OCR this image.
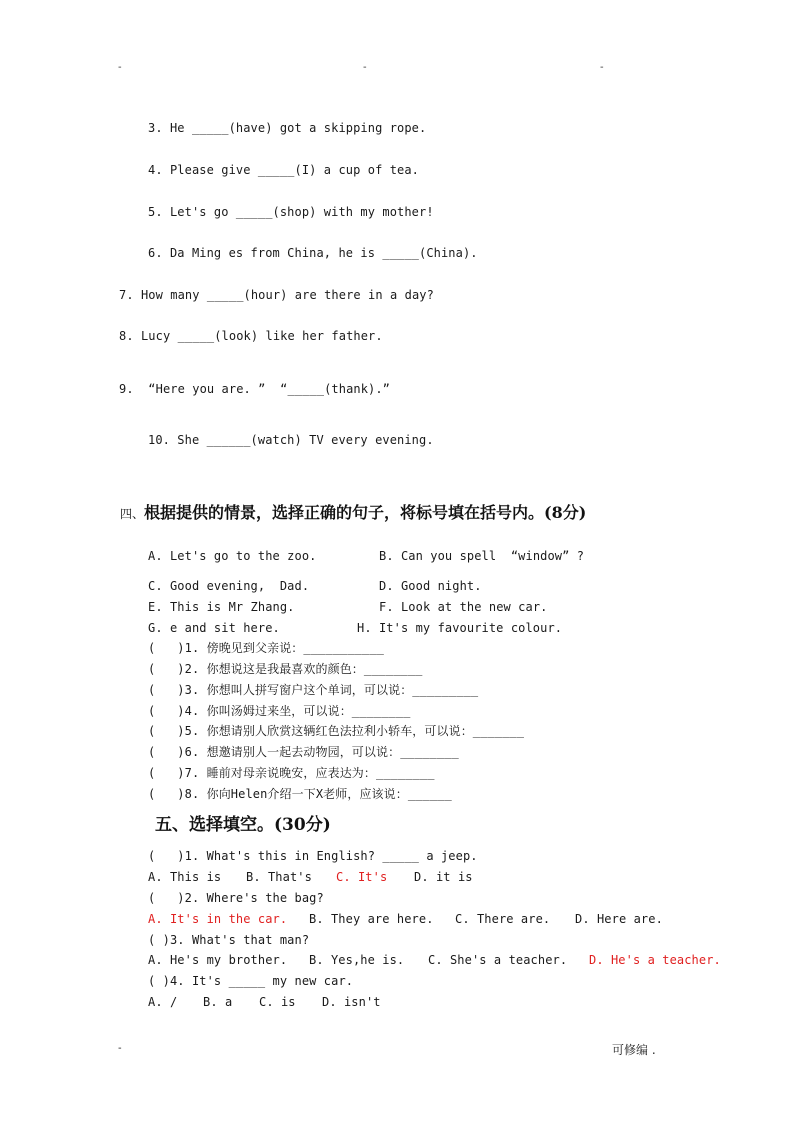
-	-	-
3. He _____(have) got a skipping rope.
4. Please give _____(I) a cup of tea.
5. Let's go _____(shop) with my mother!
6. Da Ming es from China, he is _____(China).
7. How many _____(hour) are there in a day?
8. Lucy _____(look) like her father.
9.  “Here you are. ”  “_____(thank).”
10. She ______(watch) TV every evening.
四、根据提供的情景，选择正确的句子，将标号填在括号内。(8分)
A. Let's go to the zoo.	B. Can you spell  “window” ?
C. Good evening,  Dad.	D. Good night.
E. This is Mr Zhang.	F. Look at the new car.
G. e and sit here.	H. It's my favourite colour.
(   )1. 傍晚见到父亲说：___________
(   )2. 你想说这是我最喜欢的颜色：________
(   )3. 你想叫人拼写窗户这个单词，可以说：_________
(   )4. 你叫汤姆过来坐，可以说：________
(   )5. 你想请别人欣赏这辆红色法拉利小轿车，可以说：_______
(   )6. 想邀请别人一起去动物园，可以说：________
(   )7. 睡前对母亲说晚安，应表达为：________
(   )8. 你向Helen介绍一下X老师，应该说：______
五、选择填空。(30分)
(   )1. What's this in English? _____ a jeep.
A. This is B. That's C. It's D. it is
(   )2. Where's the bag?
A. It's in the car. B. They are here. C. There are. D. Here are.
( )3. What's that man?
A. He's my brother. B. Yes,he is. C. She's a teacher. D. He's a teacher.
( )4. It's _____ my new car.
A. / B. a C. is D. isn't
-	可修编 .
